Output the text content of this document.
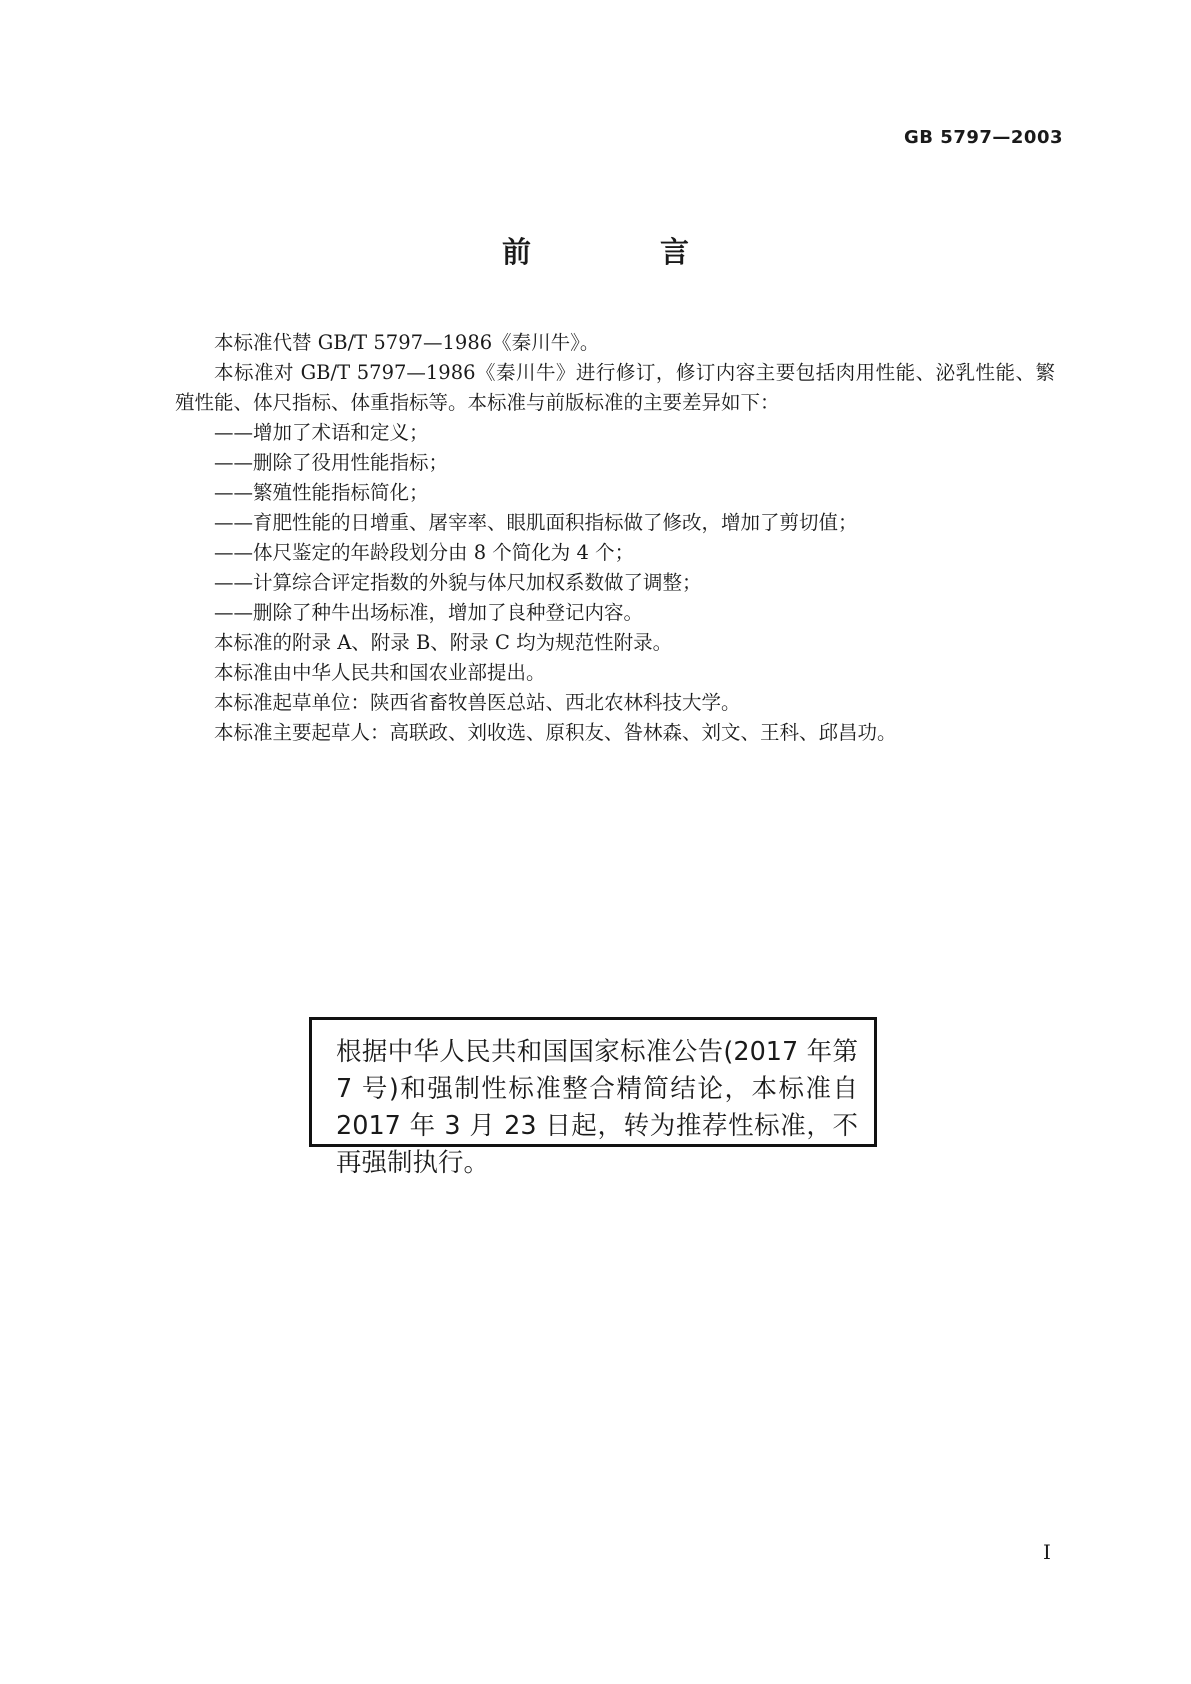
GB 5797—2003
前　言

本标准代替 GB/T 5797—1986《秦川牛》。

本标准对 GB/T 5797—1986《秦川牛》进行修订，修订内容主要包括肉用性能、泌乳性能、繁殖性能、体尺指标、体重指标等。本标准与前版标准的主要差异如下：

——增加了术语和定义；

——删除了役用性能指标；

——繁殖性能指标简化；

——育肥性能的日增重、屠宰率、眼肌面积指标做了修改，增加了剪切值；

——体尺鉴定的年龄段划分由 8 个简化为 4 个；

——计算综合评定指数的外貌与体尺加权系数做了调整；

——删除了种牛出场标准，增加了良种登记内容。

本标准的附录 A、附录 B、附录 C 均为规范性附录。

本标准由中华人民共和国农业部提出。

本标准起草单位：陕西省畜牧兽医总站、西北农林科技大学。

本标准主要起草人：高联政、刘收选、原积友、昝林森、刘文、王科、邱昌功。

根据中华人民共和国国家标准公告(2017 年第 7 号)和强制性标准整合精简结论，本标准自 2017 年 3 月 23 日起，转为推荐性标准，不再强制执行。
I
